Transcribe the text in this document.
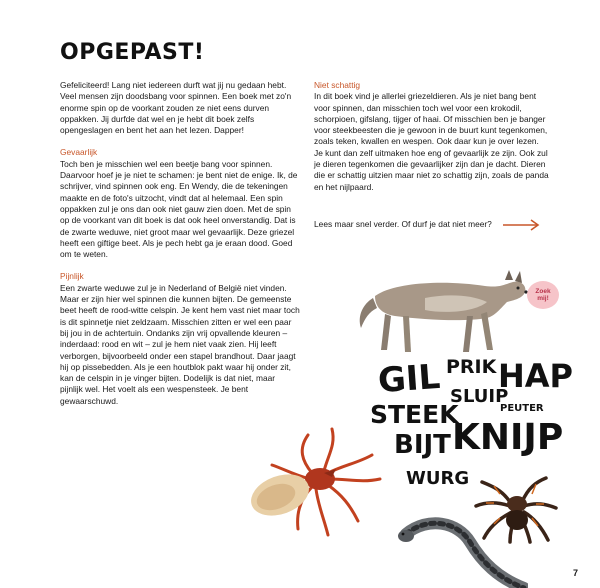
OPGEPAST!

Gefeliciteerd! Lang niet iedereen durft wat jij nu gedaan hebt. Veel mensen zijn doodsbang voor spinnen. Een boek met zo'n enorme spin op de voorkant zouden ze niet eens durven oppakken. Jij durfde dat wel en je hebt dit boek zelfs opengeslagen en bent het aan het lezen. Dapper!

Gevaarlijk

Toch ben je misschien wel een beetje bang voor spinnen. Daarvoor hoef je je niet te schamen: je bent niet de enige. Ik, de schrijver, vind spinnen ook eng. En Wendy, die de tekeningen maakte en de foto's uitzocht, vindt dat al helemaal. Een spin oppakken zul je ons dan ook niet gauw zien doen. Met de spin op de voorkant van dit boek is dat ook heel onverstandig. Dat is de zwarte weduwe, niet groot maar wel gevaarlijk. Deze griezel heeft een giftige beet. Als je pech hebt ga je eraan dood. Goed om te weten.

Pijnlijk

Een zwarte weduwe zul je in Nederland of België niet vinden. Maar er zijn hier wel spinnen die kunnen bijten. De gemeenste beet heeft de rood-witte celspin. Je kent hem vast niet maar toch is dit spinnetje niet zeldzaam. Misschien zitten er wel een paar bij jou in de achtertuin. Ondanks zijn vrij opvallende kleuren – inderdaad: rood en wit – zul je hem niet vaak zien. Hij leeft verborgen, bijvoorbeeld onder een stapel brandhout. Daar jaagt hij op pissebedden. Als je een houtblok pakt waar hij onder zit, kan de celspin in je vinger bijten. Dodelijk is dat niet, maar pijnlijk wel. Het voelt als een wespensteek. Je bent gewaarschuwd.

Niet schattig

In dit boek vind je allerlei griezeldieren. Als je niet bang bent voor spinnen, dan misschien toch wel voor een krokodil, schorpioen, gifslang, tijger of haai. Of misschien ben je banger voor steekbeesten die je gewoon in de buurt kunt tegenkomen, zoals teken, kwallen en wespen. Ook daar kun je over lezen. Je kunt dan zelf uitmaken hoe eng of gevaarlijk ze zijn. Ook zul je dieren tegenkomen die gevaarlijker zijn dan je dacht. Dieren die er schattig uitzien maar niet zo schattig zijn, zoals de panda en het nijlpaard.

Lees maar snel verder. Of durf je dat niet meer?
Zoek mij!
GIL PRIK HAP
STEEK
SLUIP
PEUTER
BIJT KNIJP
WURG
7
